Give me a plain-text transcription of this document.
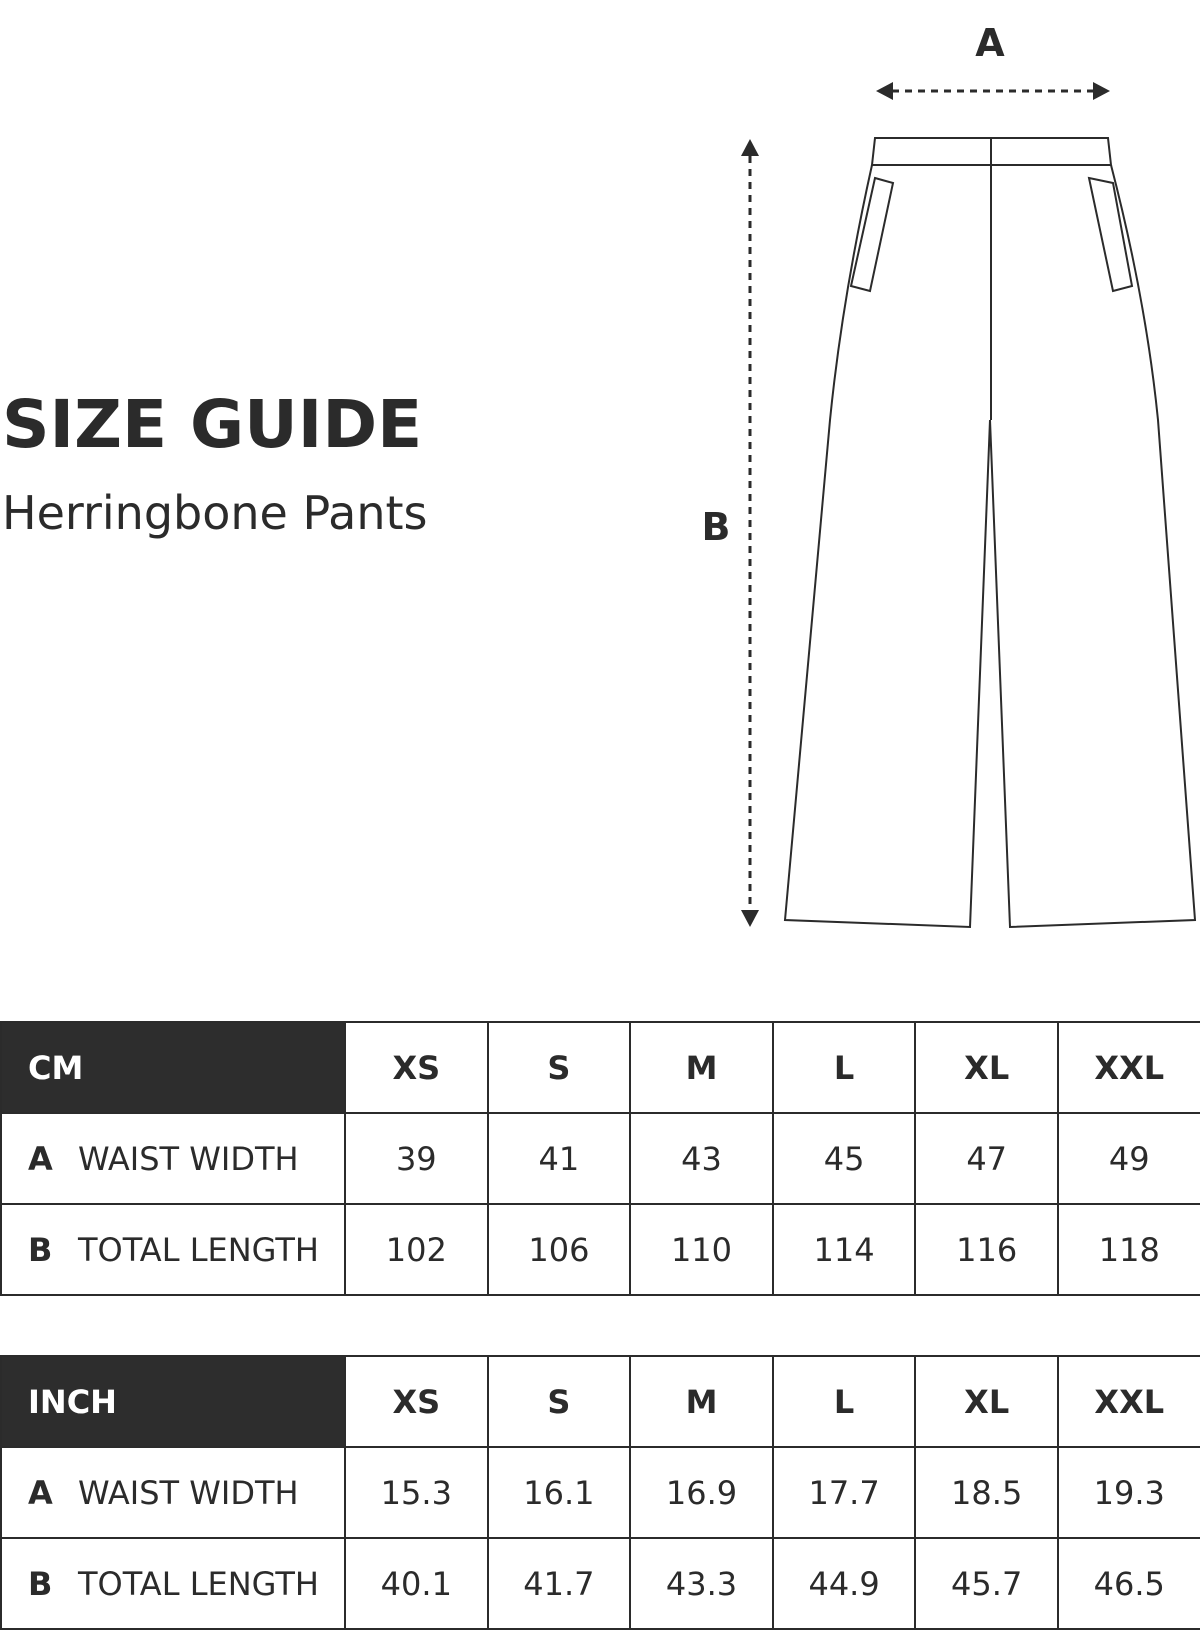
SIZE GUIDE
Herringbone Pants
A
B
CM	XS	S	M	L	XL	XXL
A WAIST WIDTH	39	41	43	45	47	49
B TOTAL LENGTH	102	106	110	114	116	118
INCH	XS	S	M	L	XL	XXL
A WAIST WIDTH	15.3	16.1	16.9	17.7	18.5	19.3
B TOTAL LENGTH	40.1	41.7	43.3	44.9	45.7	46.5
